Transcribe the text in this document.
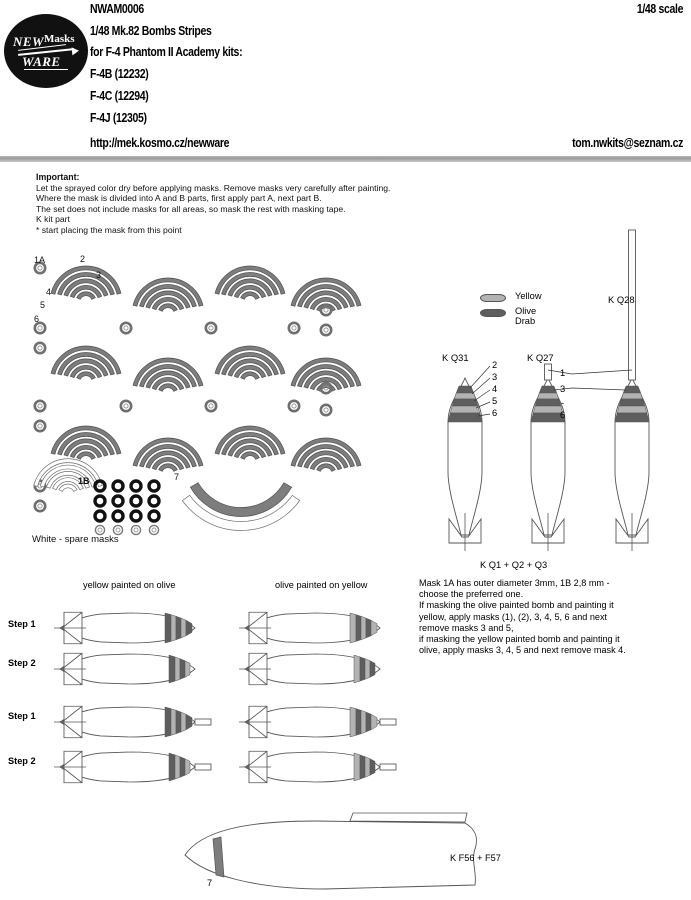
NEW Masks
WARE
NWAM0006	1/48 scale
1/48 Mk.82 Bombs Stripes
for F-4 Phantom II Academy kits:
F-4B (12232)
F-4C (12294)
F-4J (12305)
http://mek.kosmo.cz/newware	tom.nwkits@seznam.cz
Important:
Let the sprayed color dry before applying masks. Remove masks very carefully after painting.
Where the mask is divided into A and B parts, first apply part A, next part B.
The set does not include masks for all areas, so mask the rest with masking tape.
K kit part
* start placing the mask from this point
1A	2
3
4
5
6
1B	7
White - spare masks
Yellow
Olive Drab
K Q31	K Q27
K Q28
2
3
4
5
6
1
3
-
6
K Q1 + Q2 + Q3
Mask 1A has outer diameter 3mm, 1B 2,8 mm -
choose the preferred one.
If masking the olive painted bomb and painting it
yellow, apply masks (1), (2), 3, 4, 5, 6 and next
remove masks 3 and 5,
if masking the yellow painted bomb and painting it
olive, apply masks 3, 4, 5 and next remove mask 4.
yellow painted on olive	olive painted on yellow
Step 1
Step 2
Step 1
Step 2
K F56 + F57
7
